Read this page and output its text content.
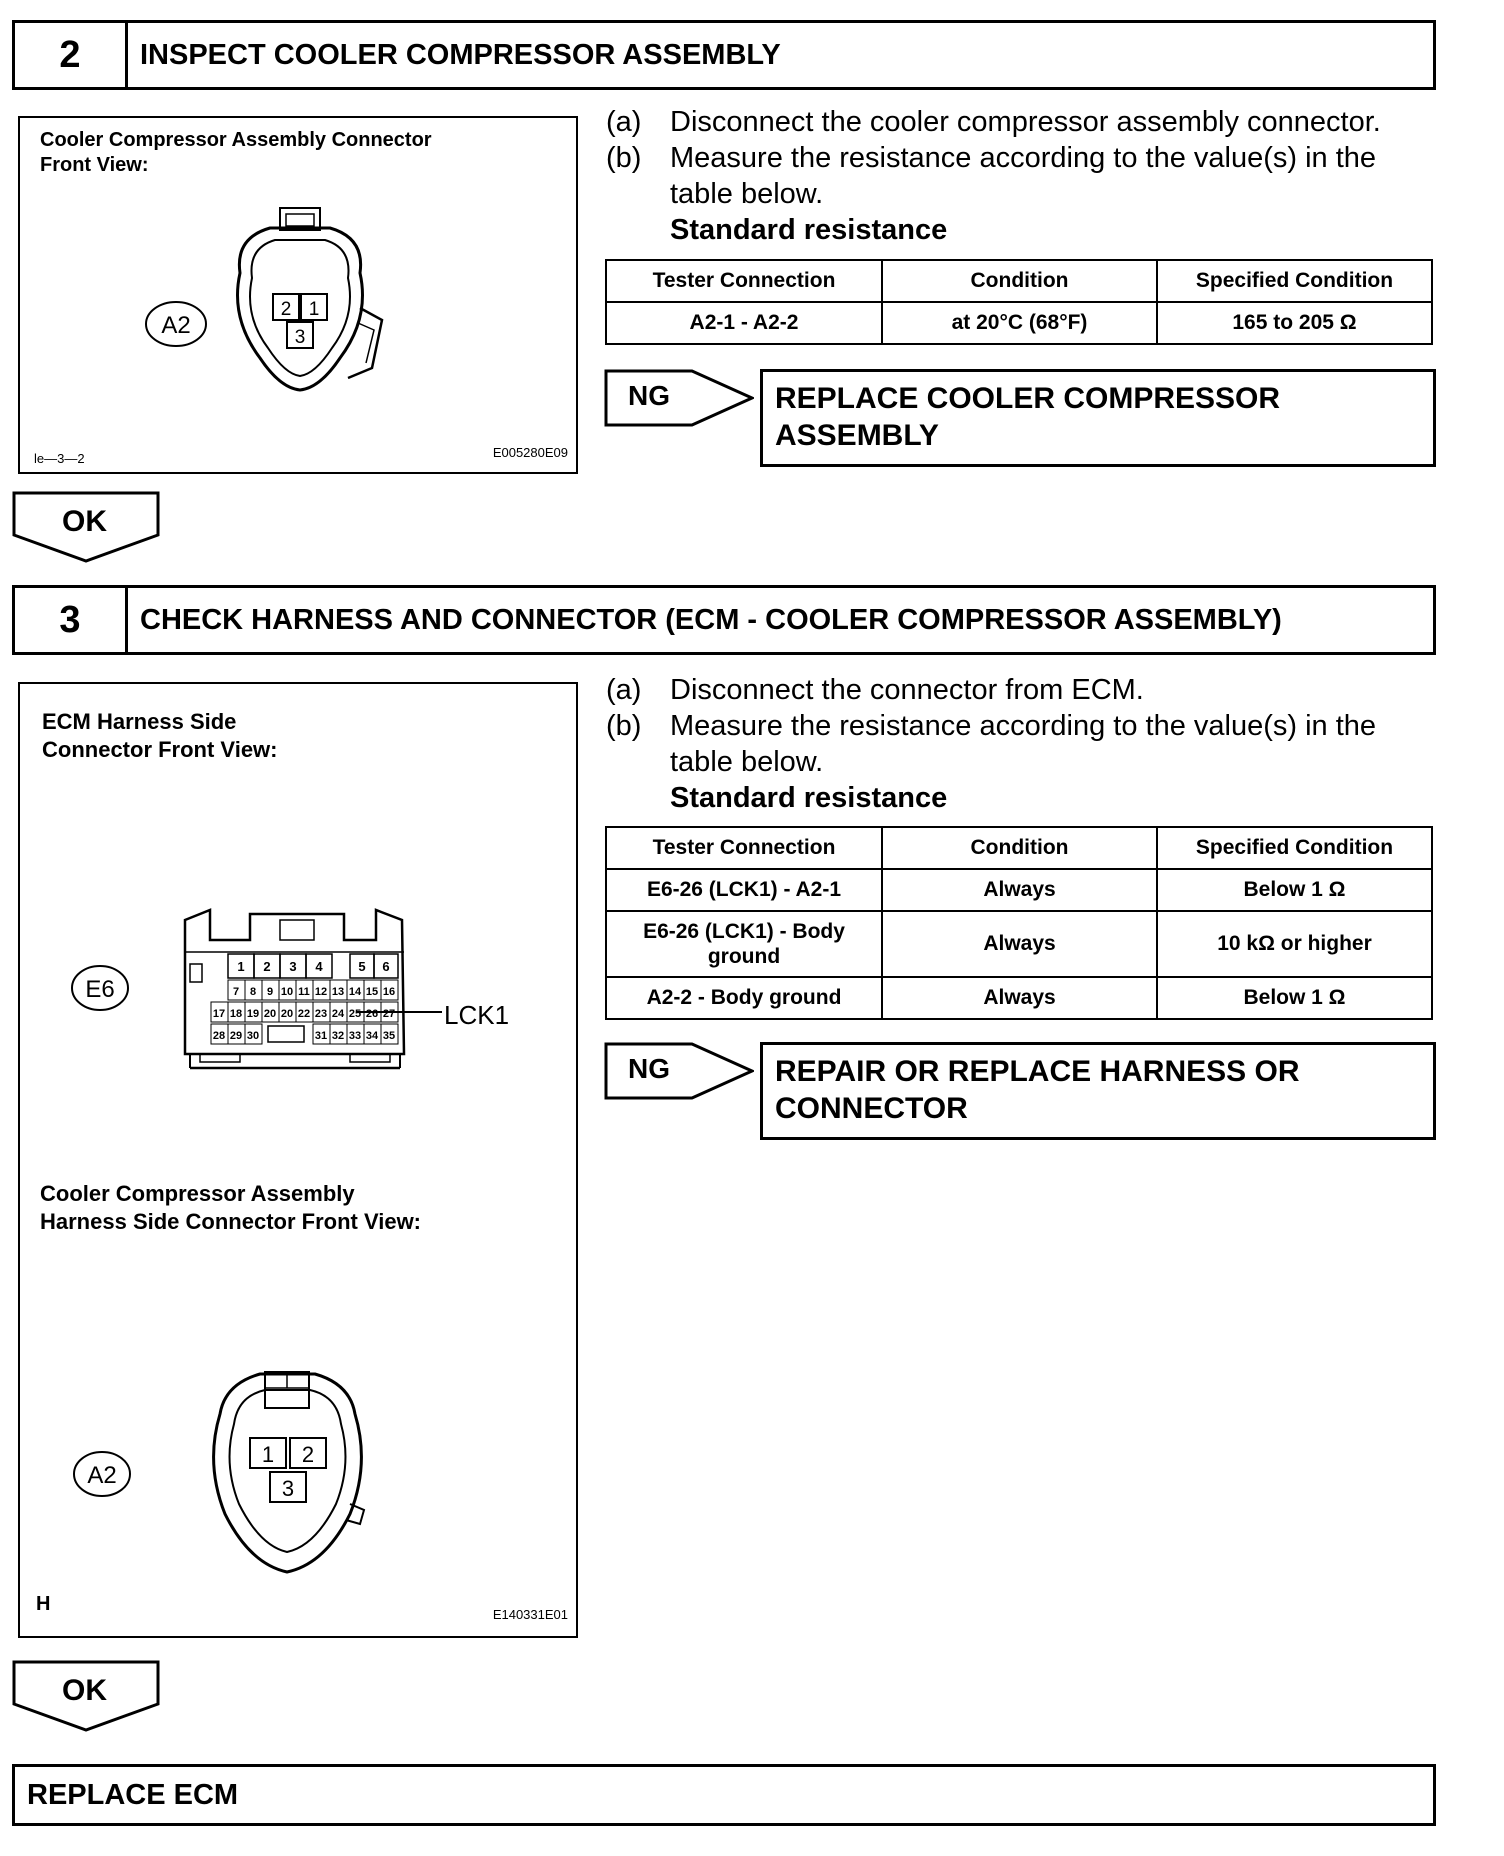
2	INSPECT COOLER COMPRESSOR ASSEMBLY
Cooler Compressor Assembly Connector
Front View:
A2
2 1
3
le—3—2	E005280E09
(a) Disconnect the cooler compressor assembly connector.
(b) Measure the resistance according to the value(s) in the table below.
Standard resistance
Tester Connection	Condition	Specified Condition
A2-1 - A2-2	at 20°C (68°F)	165 to 205 Ω
NG	REPLACE COOLER COMPRESSOR ASSEMBLY
OK
3	CHECK HARNESS AND CONNECTOR (ECM - COOLER COMPRESSOR ASSEMBLY)
ECM Harness Side
Connector Front View:
E6
1 2 3 4	5 6
7 8 9 10 11 12 13 14 15 16
17 18 19 20 20 22 23 24 25 26 27
28 29 30	31 32 33 34 35
LCK1
Cooler Compressor Assembly
Harness Side Connector Front View:
A2
1 2
3
H	E140331E01
(a) Disconnect the connector from ECM.
(b) Measure the resistance according to the value(s) in the table below.
Standard resistance
Tester Connection	Condition	Specified Condition
E6-26 (LCK1) - A2-1	Always	Below 1 Ω
E6-26 (LCK1) - Body ground	Always	10 kΩ or higher
A2-2 - Body ground	Always	Below 1 Ω
NG	REPAIR OR REPLACE HARNESS OR CONNECTOR
OK
REPLACE ECM
